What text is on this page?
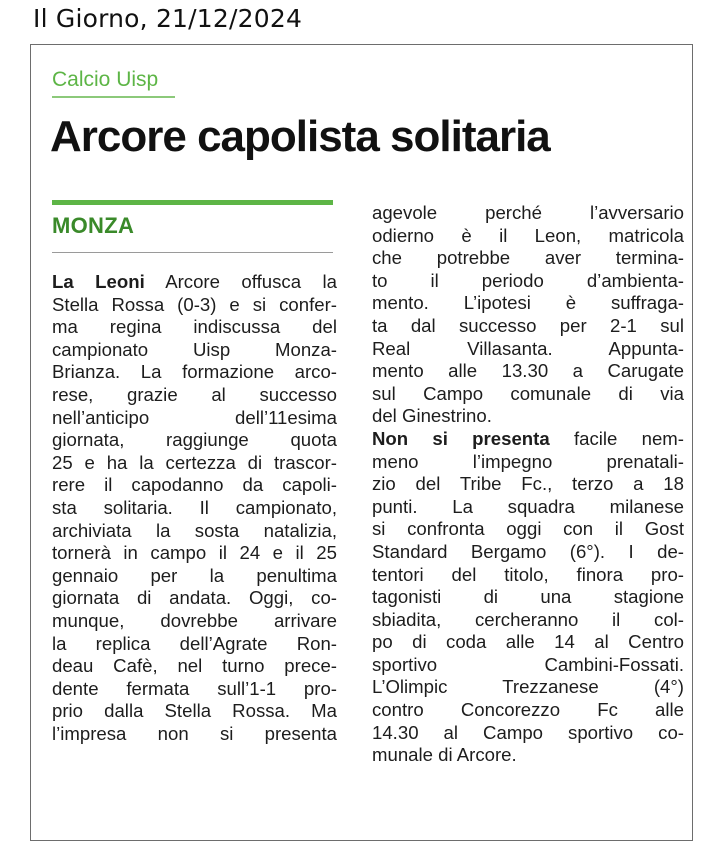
Il Giorno, 21/12/2024
Calcio Uisp
Arcore capolista solitaria
MONZA
La Leoni Arcore offusca la
Stella Rossa (0-3) e si confer-
ma regina indiscussa del
campionato Uisp Monza-
Brianza. La formazione arco-
rese, grazie al successo
nell’anticipo dell’11esima
giornata, raggiunge quota
25 e ha la certezza di trascor-
rere il capodanno da capoli-
sta solitaria. Il campionato,
archiviata la sosta natalizia,
tornerà in campo il 24 e il 25
gennaio per la penultima
giornata di andata. Oggi, co-
munque, dovrebbe arrivare
la replica dell’Agrate Ron-
deau Cafè, nel turno prece-
dente fermata sull’1-1 pro-
prio dalla Stella Rossa. Ma
l’impresa non si presenta
agevole perché l’avversario
odierno è il Leon, matricola
che potrebbe aver termina-
to il periodo d’ambienta-
mento. L’ipotesi è suffraga-
ta dal successo per 2-1 sul
Real Villasanta. Appunta-
mento alle 13.30 a Carugate
sul Campo comunale di via
del Ginestrino.
Non si presenta facile nem-
meno l’impegno prenatali-
zio del Tribe Fc., terzo a 18
punti. La squadra milanese
si confronta oggi con il Gost
Standard Bergamo (6°). I de-
tentori del titolo, finora pro-
tagonisti di una stagione
sbiadita, cercheranno il col-
po di coda alle 14 al Centro
sportivo Cambini-Fossati.
L’Olimpic Trezzanese (4°)
contro Concorezzo Fc alle
14.30 al Campo sportivo co-
munale di Arcore.
